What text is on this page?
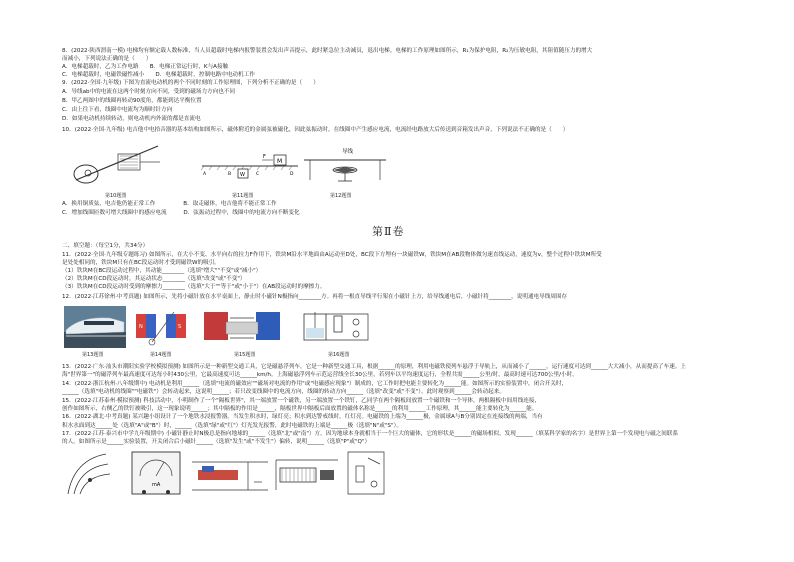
8．(2022·陕西渭南一模) 电梯均有额定载人数标准，当人员超载时电梯内报警装置会发出声音提示，此时紧急位主动减员，退出电梯。电梯的工作原理如图所示，R₁为保护电阻，R₂为压敏电阻，其阻值随压力的增大
而减小，下列说法正确的是（　　）
A．电梯超载时，乙为工作电路　　B．电梯正常运行时，K与A接触
C．电梯超载时，电磁铁磁性减小　　D．电梯超载时，控制电路中电动机工作
9．(2022·全国·九年级) 下图为直流电动机的两个不同时刻的工作原理图，下列分析不正确的是（　　）
A．导线ab中的电流在这两个时刻方向不同，受到的磁场力方向也不同
B．甲乙两图中的线圈再转动90度角，都能到达平衡位置
C．由上往下看，线圈中电流均为顺时针方向
D．如果电动机持续转动，则电动机内外流的都是直流电
10．(2022·全国·九年级) 电吉他中电拾音器的基本结构如图所示，磁体附近的金属弦被磁化，因此弦振动时，在线圈中产生感应电流，电流经电路放大后传送到音箱发出声音，下列说法不正确的是（　　）
第10题图
M
F
W
A	B	C	D
第11题图
导线
第12题图
A．换用铜质弦，电吉他仍能正常工作　　　　　B．取走磁体，电吉他将不能正常工作
C．增加线圈匝数可增大线圈中的感应电流　　　D．弦振动过程中，线圈中的电流方向不断变化
第Ⅱ卷
二、填空题：（每空1分，共34分）
11．(2022·全国·九年级专题练习) 如图所示，在大小不变、水平向右的拉力F作用下，铁块M沿水平地面由A运动至D处，BC段下方埋有一块磁铁W，铁块M在AB段物体做匀速直线运动，速度为v，整个过程中铁块M所受
是处处相同的，铁块M只有在BC段运动时才受到磁铁W的吸引。
（1）铁块M在BC段运动过程中，其动能________（选填"增大""不变"或"减小"）
（2）铁块M在CD段运动时，其运动状态________（选填"改变"或"不变"）
（3）铁块M在CD段运动时受到的摩擦力________（选填"大于""等于"或"小于"）在AB段运动时的摩擦力。
12．(2022·江苏徐州·中考真题) 如图所示，先将小磁针放在水平桌面上，静止时小磁针N极指向________方。再将一根直导线平行架在小磁针上方，给导线通电后，小磁针将________，说明通电导线周围存
第13题图
N	S
第14题图	第15题图	第16题图
13．(2022·广东·汕头市潮阳实验学校模拟预测) 如图所示是一种新型交通工具，它是磁悬浮列车，它是一种新型交通工具，根据______的原理，利用电磁铁使列车悬浮于导轨上，从而减小了______，运行速度可达到______大大减小，从而提高了车速。上
海"世界第一"的磁浮列车最高速度可达每小时430公里，它最高速度可达______km/h。上海磁悬浮列车示范运营线全长30公里，若列车以平均速度运行，全程共需______公里/时，最高时速可达700公里/小时。
14．(2022·浙江杭州·八年级期中) 电动机是利用______（选填"电流的磁效应""磁场对电流的作用"或"电磁感应现象"）制成的，它工作时把电能主要转化为______能。如图所示的实验装置中，闭合开关时，
______（选填"电动机的线圈""电磁铁"）会转动起来，这说明______；若只改变线圈中的电流方向，线圈的转动方向______（选填"改变"或"不变"）。此时观察到______会转动起来。
15．(2022·江苏泰州·模拟预测) 科技活动中，小明制作了一个"隔板世界"，其一端放置一个磁铁，另一端放置一个铁钉，乙同学在两个隔板间放置一个磁铁和一个导体，两根隔板中间用线连接，
创作如图所示，右侧乙的铁钉被吸引，这一现象说明______；其中隔板的作用是______，隔板世界中隔板后面放置的磁体名称是______的利用______工作原理，其______能主要转化为______能。
16．(2022·湖北·中考真题) 某兴趣小组设计了一个地铁水浸报警器。当发生积水时，绿灯亮；积水到达警戒线时，红灯亮。电磁铁的上端为______极，金属球A与B分别固定在连接线的两端，当有
积水水面到达______处（选填"A"或"B"）时，______（选填"绿"或"红"）灯光发光报警，此时电磁铁的上端是______极（选填"N"或"S"）。
17．(2022·江苏·泰兴市中学九年级期中) 小磁针静止时N极总是指向地球的______（选填"北"或"南"）方，因为地球本身就相当于一个巨大的磁体，它的形状是______的磁场相似，发现______（填某科学家的名字）是世界上第一个发现电与磁之间联系
的人。如图所示是______实验装置，开关闭合后小磁针______（选填"发生"或"不发生"）偏转，说明______（选填"P"或"Q"）
mA
